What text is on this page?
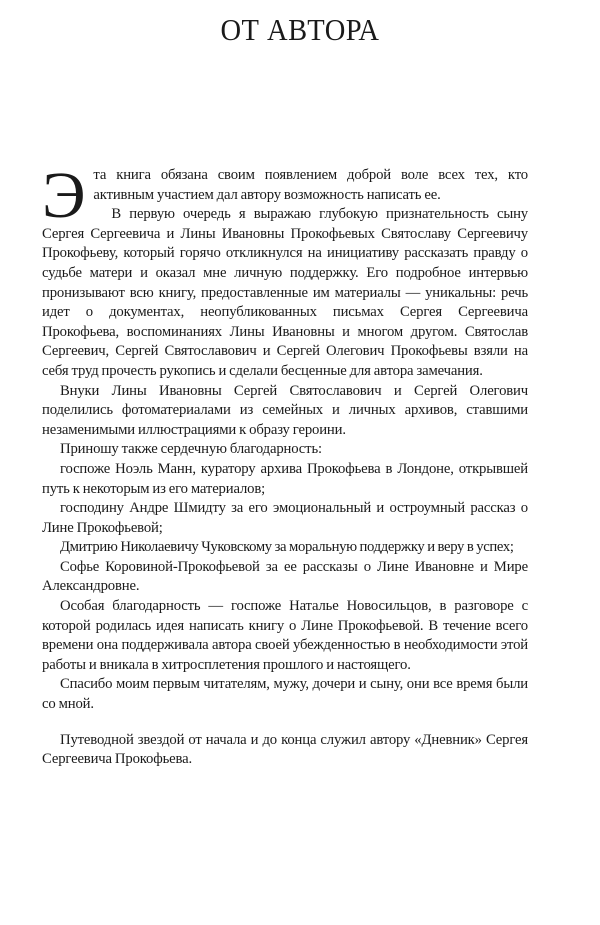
ОТ АВТОРА

Эта книга обязана своим появлением доброй воле всех тех, кто активным участием дал автору возможность написать ее.

В первую очередь я выражаю глубокую признательность сыну Сергея Сергеевича и Лины Ивановны Прокофьевых Святославу Сергеевичу Прокофьеву, который горячо откликнулся на инициативу рассказать правду о судьбе матери и оказал мне личную поддержку. Его подробное интервью пронизывают всю книгу, предоставленные им материалы — уникальны: речь идет о документах, неопубликованных письмах Сергея Сергеевича Прокофьева, воспоминаниях Лины Ивановны и многом другом. Святослав Сергеевич, Сергей Святославович и Сергей Олегович Прокофьевы взяли на себя труд прочесть рукопись и сделали бесценные для автора замечания.

Внуки Лины Ивановны Сергей Святославович и Сергей Олегович поделились фотоматериалами из семейных и личных архивов, ставшими незаменимыми иллюстрациями к образу героини.

Приношу также сердечную благодарность:

госпоже Ноэль Манн, куратору архива Прокофьева в Лондоне, открывшей путь к некоторым из его материалов;

господину Андре Шмидту за его эмоциональный и остроумный рассказ о Лине Прокофьевой;

Дмитрию Николаевичу Чуковскому за моральную поддержку и веру в успех;

Софье Коровиной-Прокофьевой за ее рассказы о Лине Ивановне и Мире Александровне.

Особая благодарность — госпоже Наталье Новосильцов, в разговоре с которой родилась идея написать книгу о Лине Прокофьевой. В течение всего времени она поддерживала автора своей убежденностью в необходимости этой работы и вникала в хитросплетения прошлого и настоящего.

Спасибо моим первым читателям, мужу, дочери и сыну, они все время были со мной.

Путеводной звездой от начала и до конца служил автору «Дневник» Сергея Сергеевича Прокофьева.
